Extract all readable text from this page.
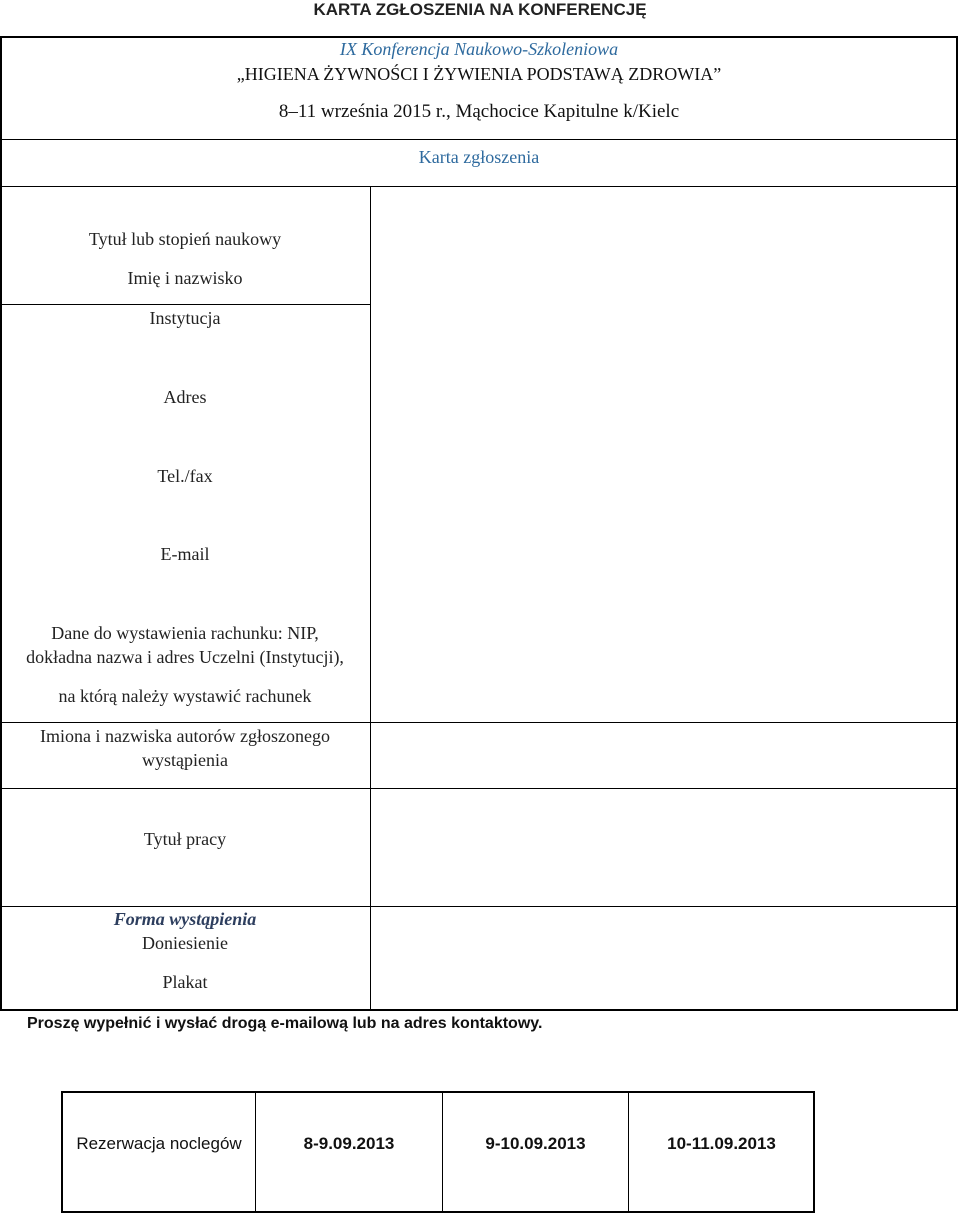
KARTA ZGŁOSZENIA NA KONFERENCJĘ
IX Konferencja Naukowo-Szkoleniowa
„HIGIENA ŻYWNOŚCI I ŻYWIENIA PODSTAWĄ ZDROWIA”
8–11 września 2015 r., Mąchocice Kapitulne k/Kielc
Karta zgłoszenia
Tytuł lub stopień naukowy
Imię i nazwisko
Instytucja
Adres
Tel./fax
E-mail
Dane do wystawienia rachunku: NIP,
dokładna nazwa i adres Uczelni (Instytucji),
na którą należy wystawić rachunek
Imiona i nazwiska autorów zgłoszonego
wystąpienia
Tytuł pracy
Forma wystąpienia
Doniesienie
Plakat
Proszę wypełnić i wysłać drogą e-mailową lub na adres kontaktowy.
Rezerwacja noclegów	8-9.09.2013	9-10.09.2013	10-11.09.2013
